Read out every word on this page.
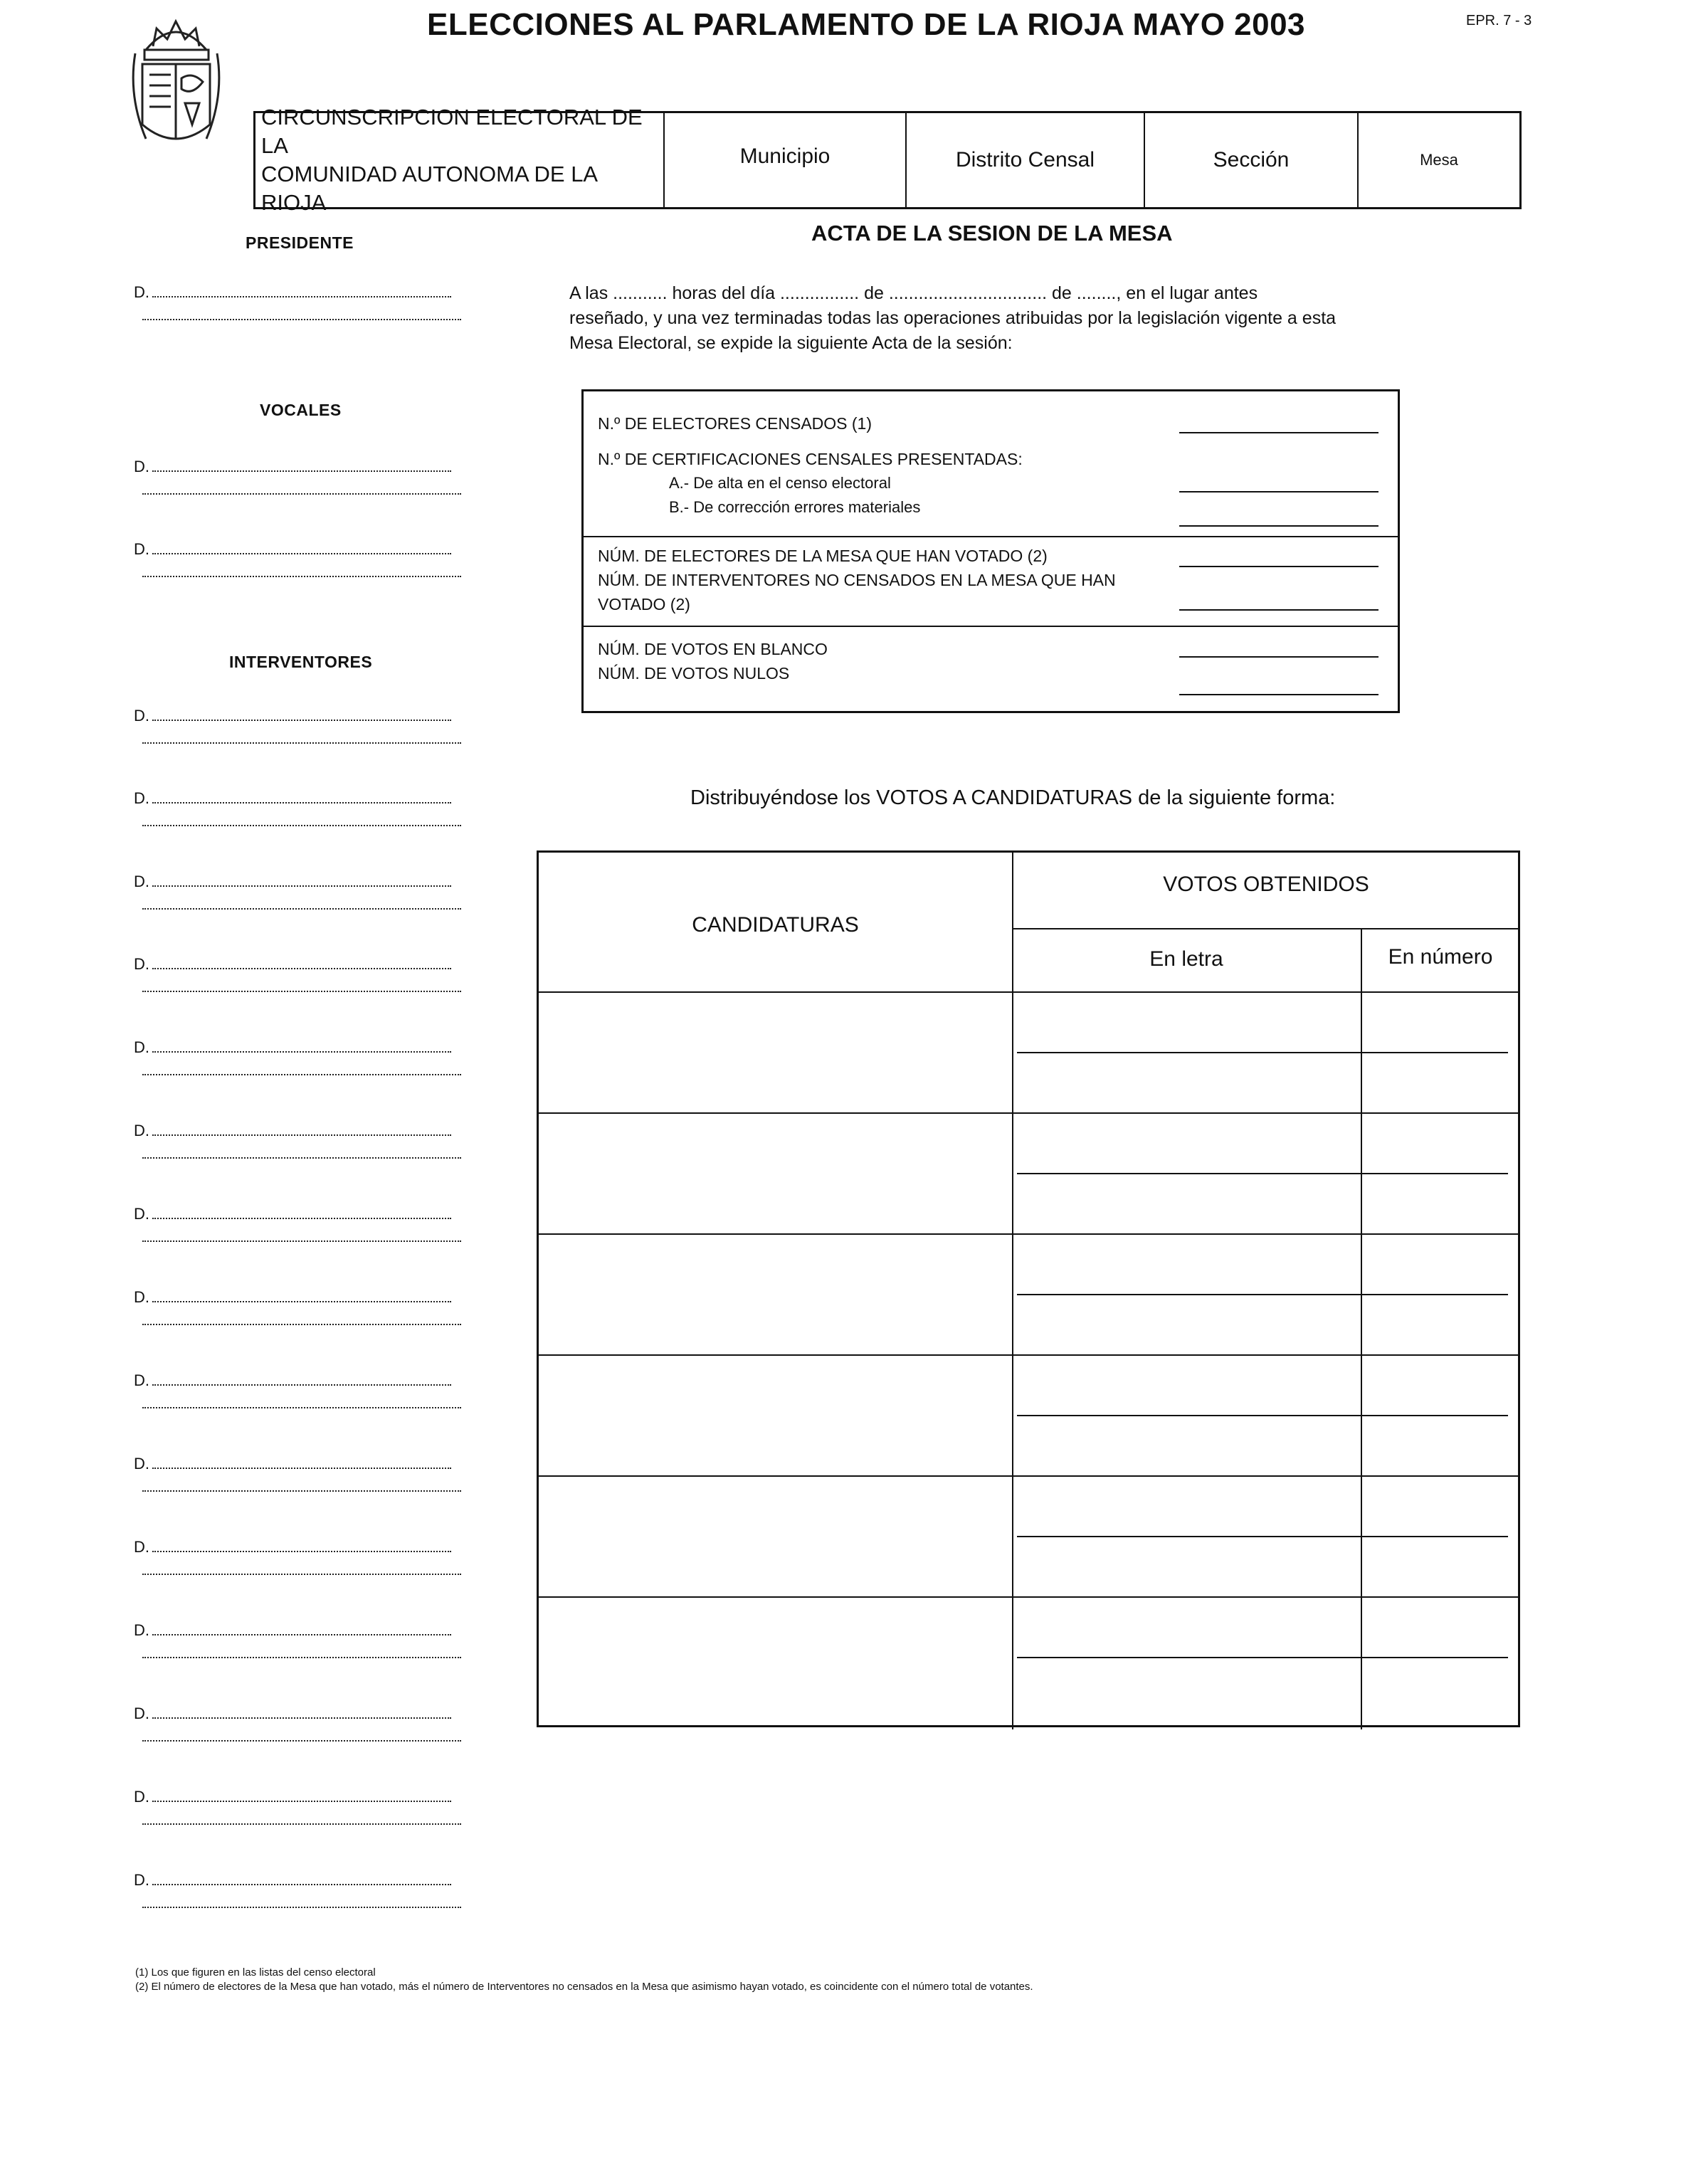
ELECCIONES AL PARLAMENTO DE LA RIOJA MAYO 2003	EPR. 7 - 3
CIRCUNSCRIPCION ELECTORAL DE LA
COMUNIDAD AUTONOMA DE LA RIOJA
Municipio	Distrito Censal	Sección	Mesa
PRESIDENTE
D.
D.
D.
D.
D.
D.
D.
D.
D.
D.
D.
D.
D.
D.
D.
D.
D.
D.
VOCALES
INTERVENTORES
ACTA DE LA SESION DE LA MESA
A las ........... horas del día ................ de ................................ de ........, en el lugar antes
reseñado, y una vez terminadas todas las operaciones atribuidas por la legislación vigente a esta
Mesa Electoral, se expide la siguiente Acta de la sesión:
N.º DE ELECTORES CENSADOS (1)
N.º DE CERTIFICACIONES CENSALES PRESENTADAS:
A.- De alta en el censo electoral
B.- De corrección errores materiales
NÚM. DE ELECTORES DE LA MESA QUE HAN VOTADO (2)
NÚM. DE INTERVENTORES NO CENSADOS EN LA MESA QUE HAN
VOTADO (2)
NÚM. DE VOTOS EN BLANCO
NÚM. DE VOTOS NULOS
Distribuyéndose los VOTOS A CANDIDATURAS de la siguiente forma:
CANDIDATURAS
VOTOS OBTENIDOS
En letra	En número
(1) Los que figuren en las listas del censo electoral
(2) El número de electores de la Mesa que han votado, más el número de Interventores no censados en la Mesa que asimismo hayan votado, es coincidente con el número total de votantes.
